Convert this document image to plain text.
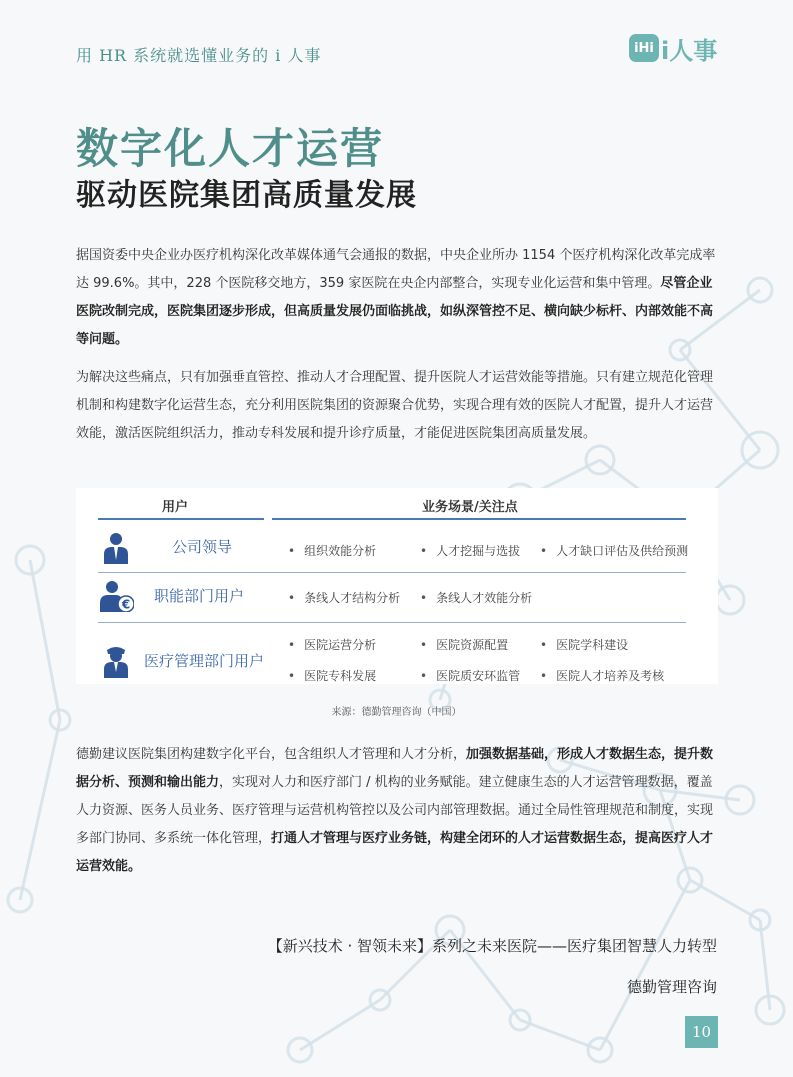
用 HR 系统就选懂业务的 i 人事	iHi i人事
数字化人才运营
驱动医院集团高质量发展
据国资委中央企业办医疗机构深化改革媒体通气会通报的数据，中央企业所办 1154 个医疗机构深化改革完成率达 99.6%。其中，228 个医院移交地方，359 家医院在央企内部整合，实现专业化运营和集中管理。尽管企业医院改制完成，医院集团逐步形成，但高质量发展仍面临挑战，如纵深管控不足、横向缺少标杆、内部效能不高等问题。
为解决这些痛点，只有加强垂直管控、推动人才合理配置、提升医院人才运营效能等措施。只有建立规范化管理机制和构建数字化运营生态，充分利用医院集团的资源聚合优势，实现合理有效的医院人才配置，提升人才运营效能，激活医院组织活力，推动专科发展和提升诊疗质量，才能促进医院集团高质量发展。
用户	业务场景/关注点
公司领导	• 组织效能分析	• 人才挖掘与选拔	• 人才缺口评估及供给预测
€ 职能部门用户	• 条线人才结构分析	• 条线人才效能分析
医疗管理部门用户
• 医院运营分析	• 医院资源配置	• 医院学科建设
• 医院专科发展	• 医院质安环监管	• 医院人才培养及考核
来源：德勤管理咨询（中国）
德勤建议医院集团构建数字化平台，包含组织人才管理和人才分析，加强数据基础，形成人才数据生态，提升数据分析、预测和输出能力，实现对人力和医疗部门 / 机构的业务赋能。建立健康生态的人才运营管理数据，覆盖人力资源、医务人员业务、医疗管理与运营机构管控以及公司内部管理数据。通过全局性管理规范和制度，实现多部门协同、多系统一体化管理，打通人才管理与医疗业务链，构建全闭环的人才运营数据生态，提高医疗人才运营效能。
【新兴技术 · 智领未来】系列之未来医院——医疗集团智慧人力转型
德勤管理咨询
10
